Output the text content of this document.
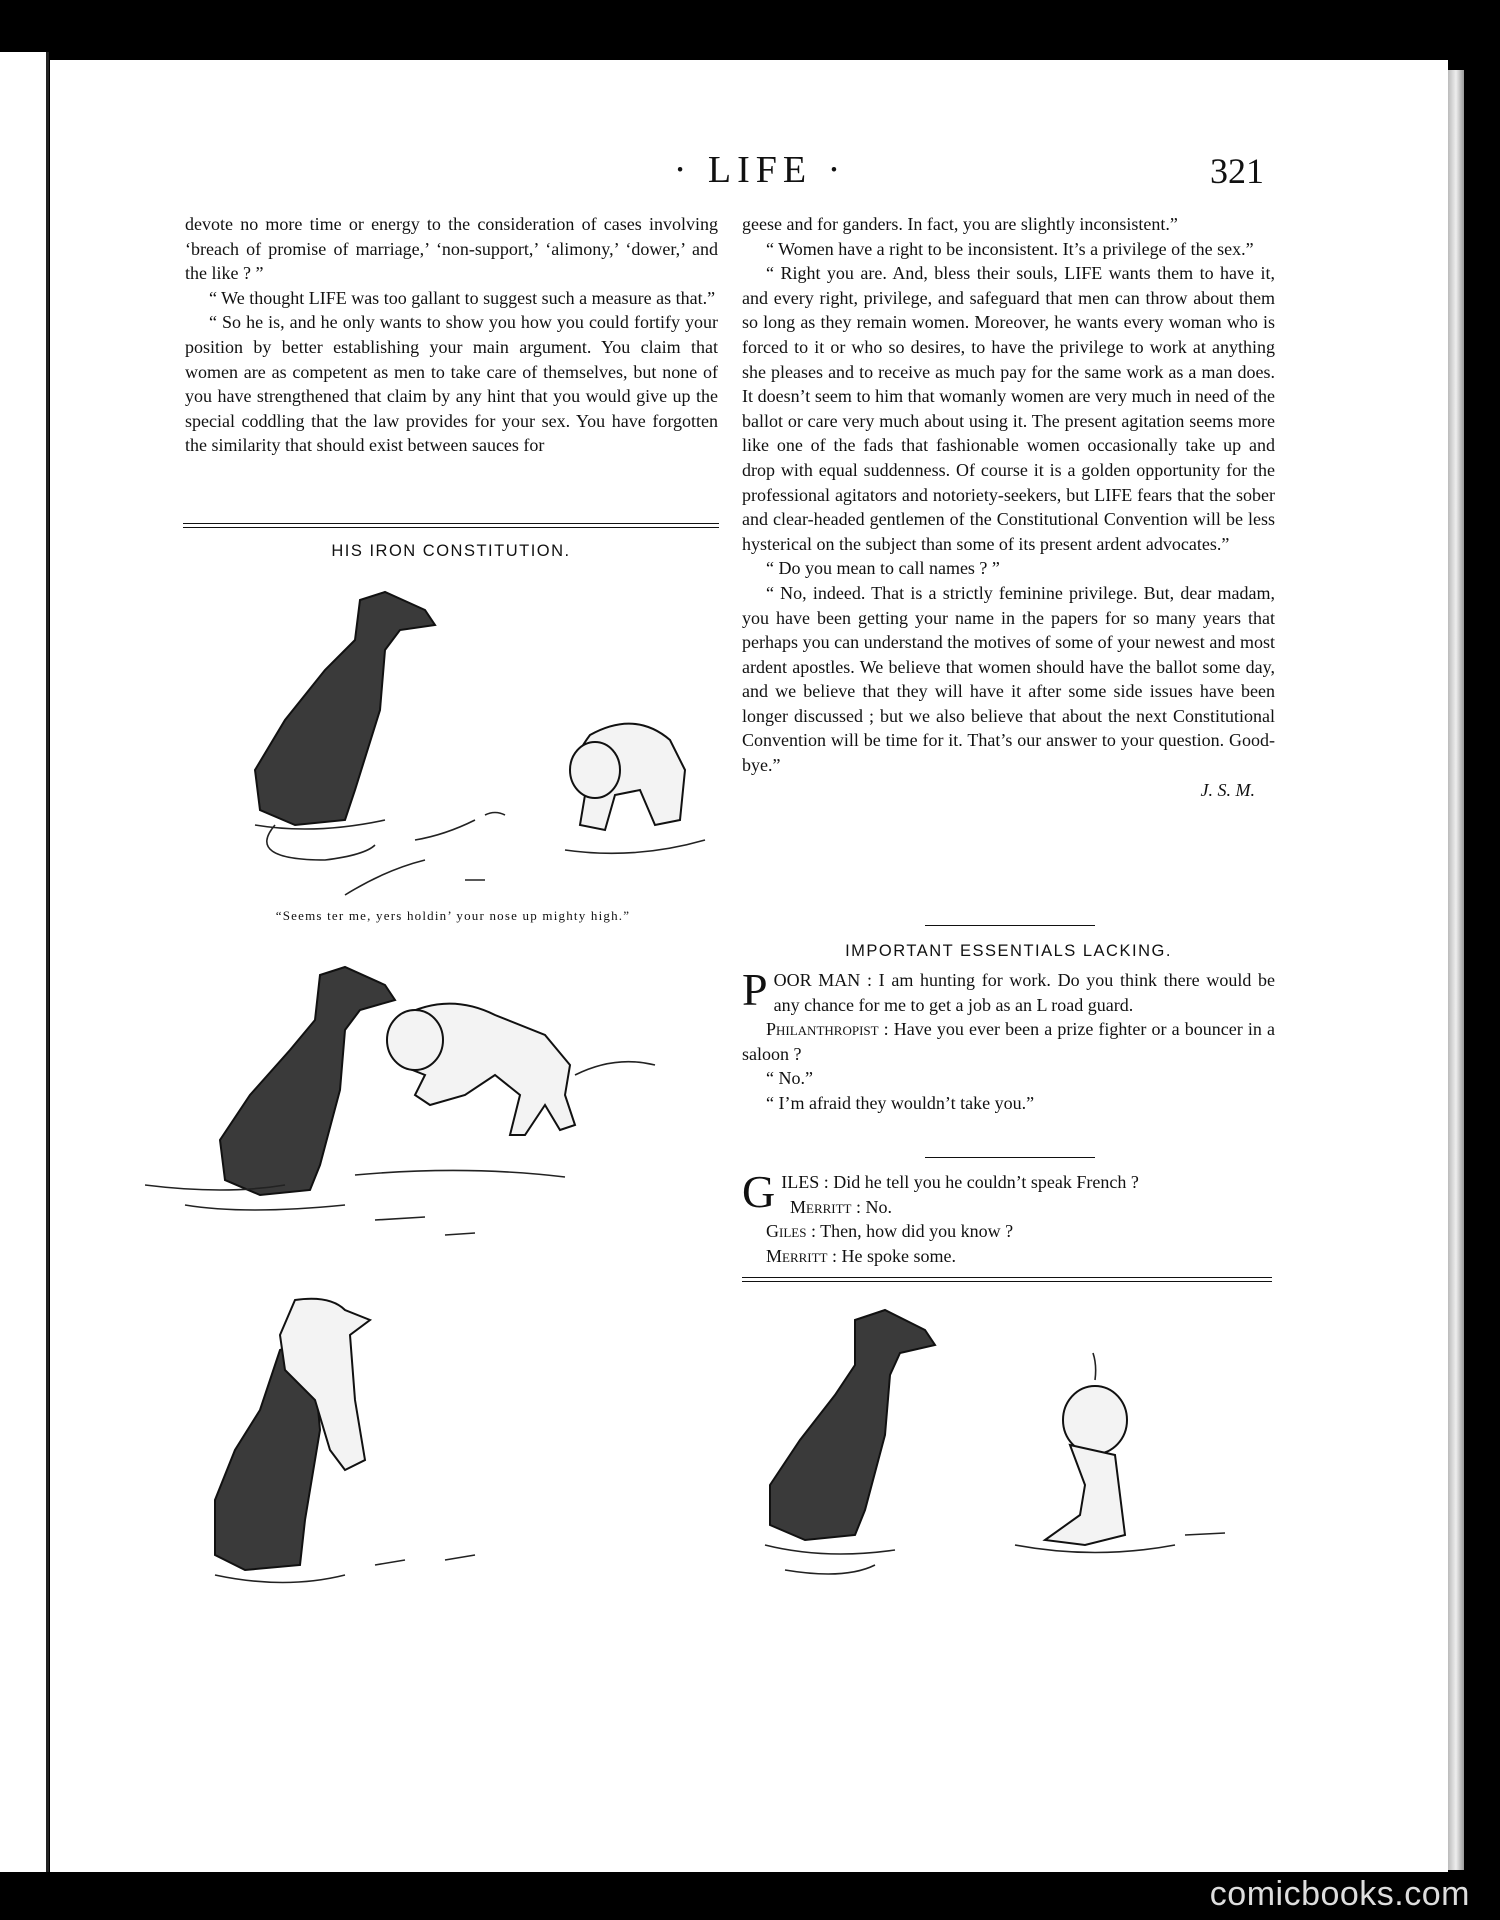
· LIFE ·	321

devote no more time or energy to the consideration of cases involving ‘breach of promise of marriage,’ ‘non-support,’ ‘alimony,’ ‘dower,’ and the like ? ”

“ We thought LIFE was too gallant to suggest such a measure as that.”

“ So he is, and he only wants to show you how you could fortify your position by better establishing your main argument. You claim that women are as competent as men to take care of themselves, but none of you have strengthened that claim by any hint that you would give up the special coddling that the law provides for your sex. You have forgotten the similarity that should exist between sauces for

HIS IRON CONSTITUTION.

geese and for ganders. In fact, you are slightly inconsistent.”

“ Women have a right to be inconsistent. It’s a privilege of the sex.”

“ Right you are. And, bless their souls, LIFE wants them to have it, and every right, privilege, and safeguard that men can throw about them so long as they remain women. Moreover, he wants every woman who is forced to it or who so desires, to have the privilege to work at anything she pleases and to receive as much pay for the same work as a man does. It doesn’t seem to him that womanly women are very much in need of the ballot or care very much about using it. The present agitation seems more like one of the fads that fashionable women occasionally take up and drop with equal suddenness. Of course it is a golden opportunity for the professional agitators and notoriety-seekers, but LIFE fears that the sober and clear-headed gentlemen of the Constitutional Convention will be less hysterical on the subject than some of its present ardent advocates.”

“ Do you mean to call names ? ”

“ No, indeed. That is a strictly feminine privilege. But, dear madam, you have been getting your name in the papers for so many years that perhaps you can understand the motives of some of your newest and most ardent apostles. We believe that women should have the ballot some day, and we believe that they will have it after some side issues have been longer discussed ; but we also believe that about the next Constitutional Convention will be time for it. That’s our answer to your question. Good-bye.”

J. S. M.

IMPORTANT ESSENTIALS LACKING.

POOR MAN : I am hunting for work. Do you think there would be any chance for me to get a job as an L road guard.

Philanthropist : Have you ever been a prize fighter or a bouncer in a saloon ?

“ No.”

“ I’m afraid they wouldn’t take you.”

GILES : Did he tell you he couldn’t speak French ?

Merritt : No.

Giles : Then, how did you know ?

Merritt : He spoke some.

“Seems ter me, yers holdin’ your nose up mighty high.”
comicbooks.com
